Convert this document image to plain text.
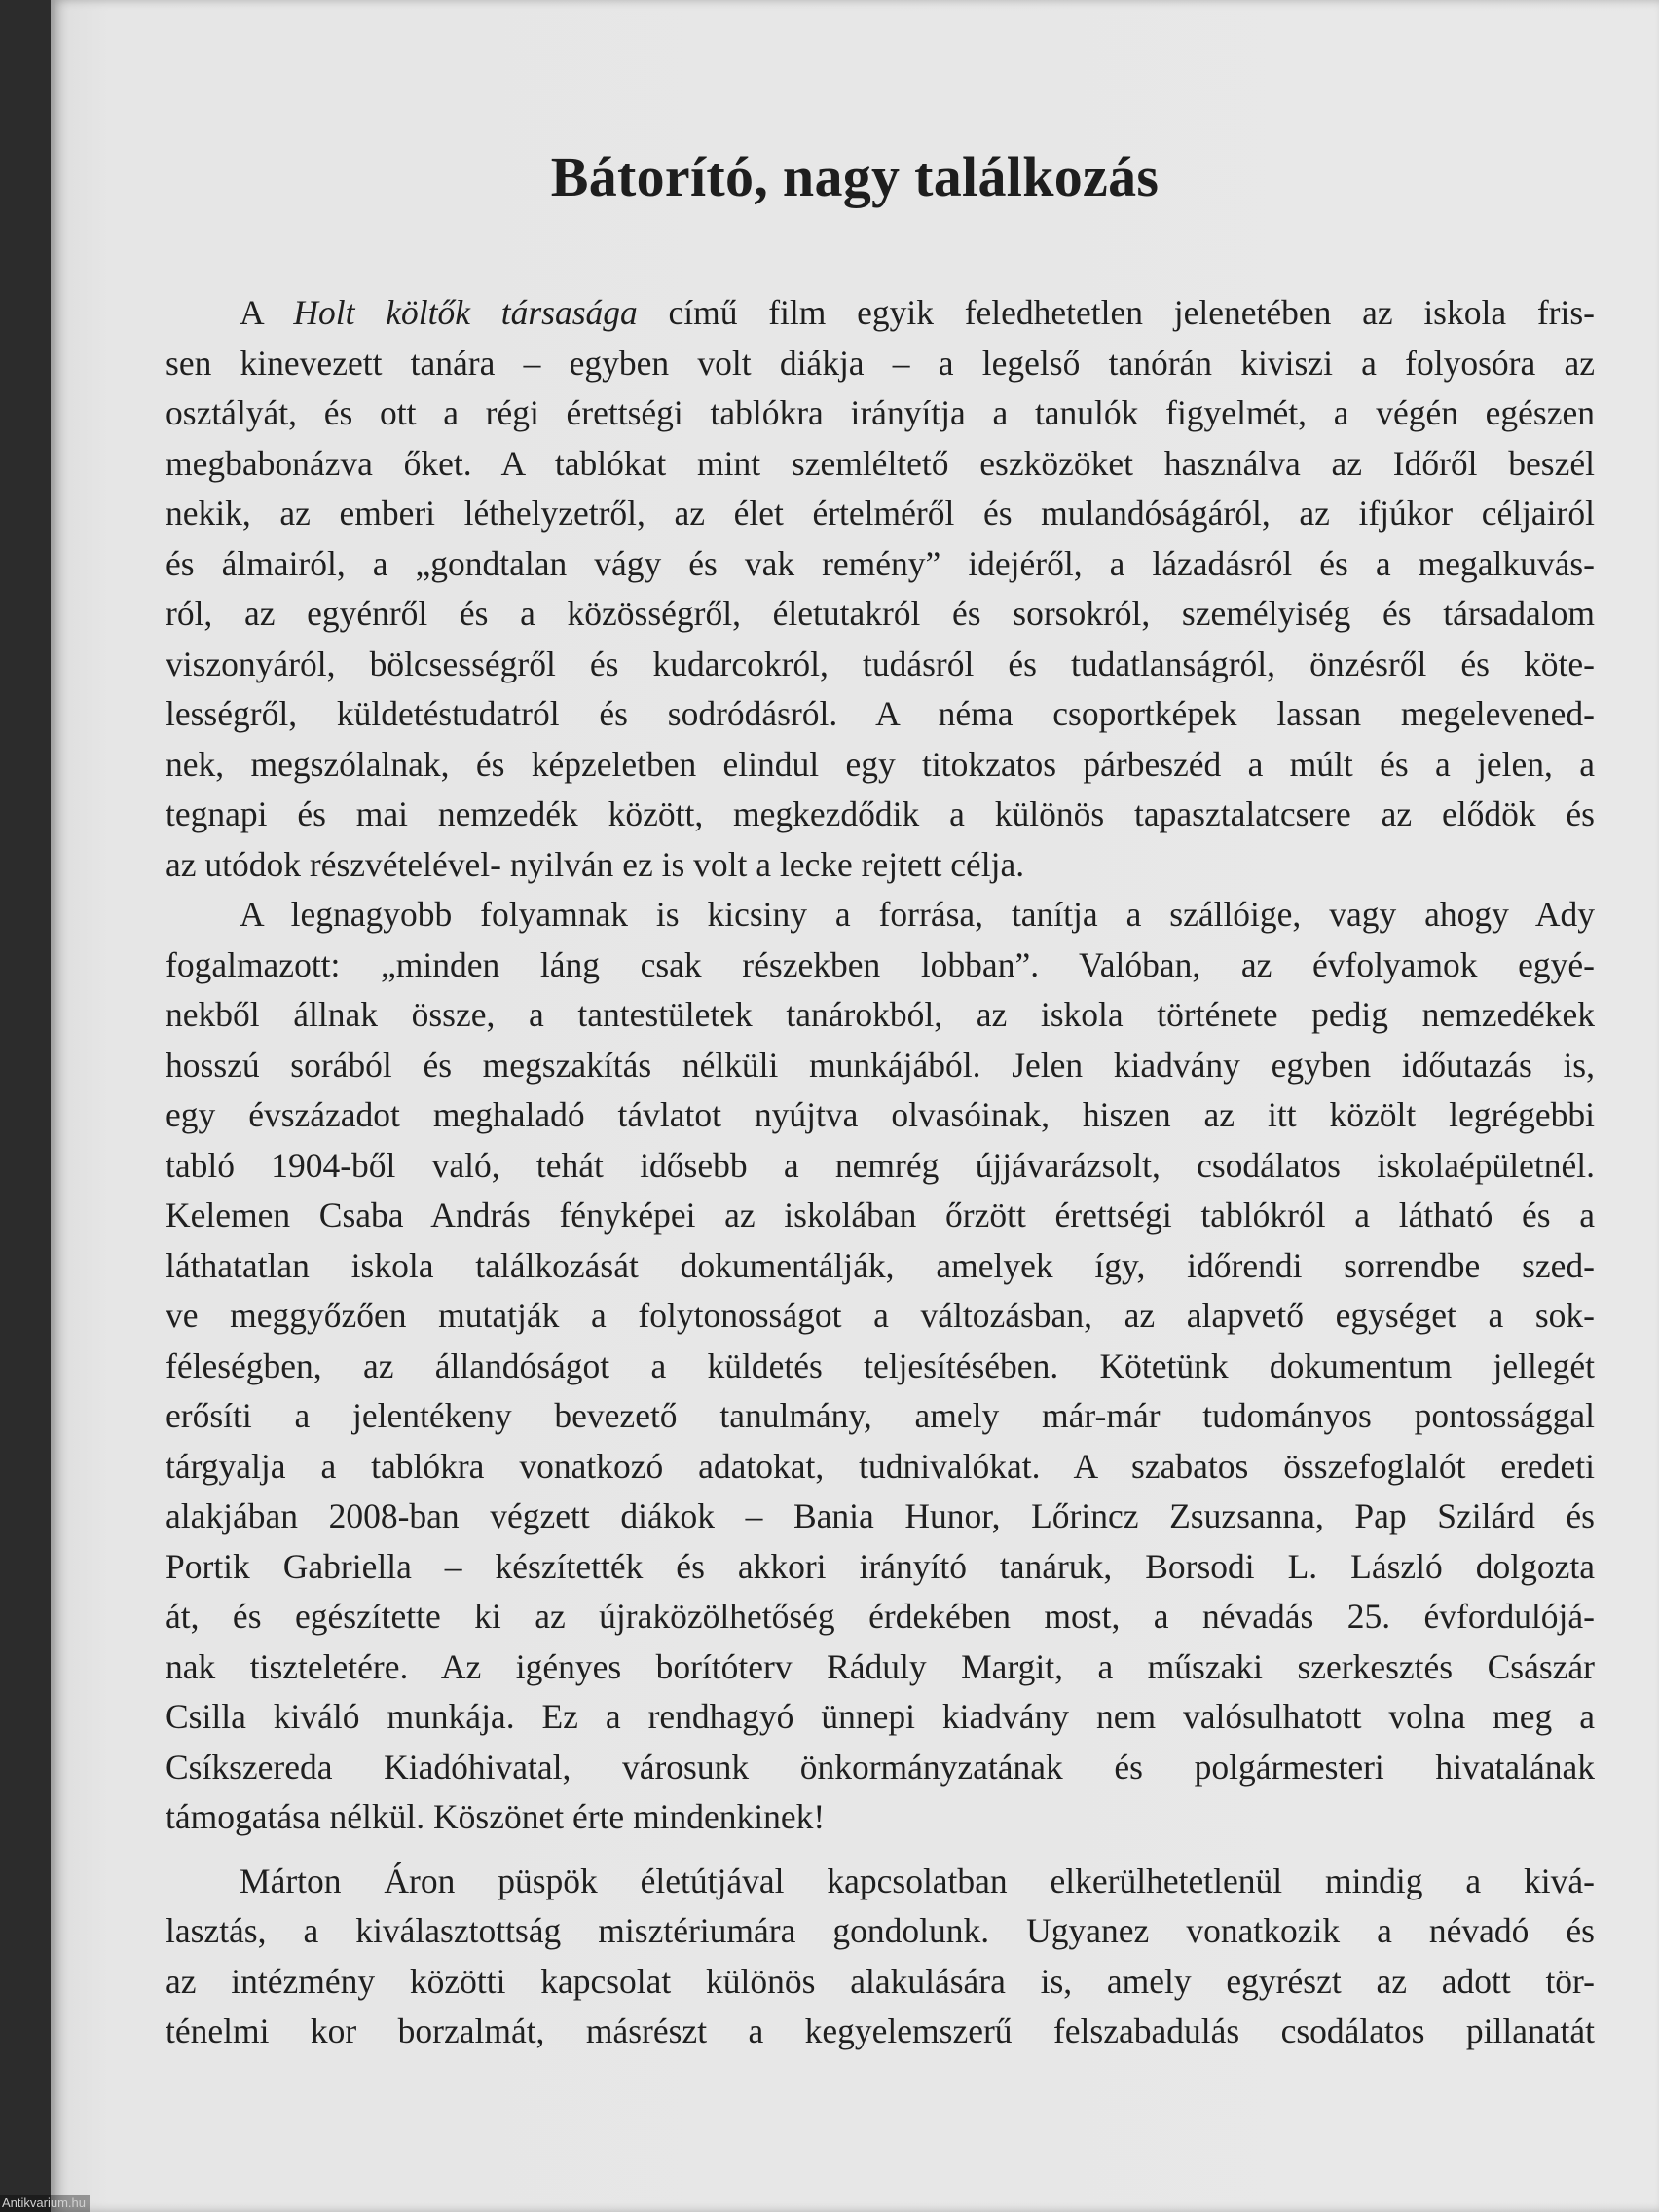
Bátorító, nagy találkozás
A Holt költők társasága című film egyik feledhetetlen jelenetében az iskola fris-
sen kinevezett tanára – egyben volt diákja – a legelső tanórán kiviszi a folyosóra az
osztályát, és ott a régi érettségi tablókra irányítja a tanulók figyelmét, a végén egészen
megbabonázva őket. A tablókat mint szemléltető eszközöket használva az Időről beszél
nekik, az emberi léthelyzetről, az élet értelméről és mulandóságáról, az ifjúkor céljairól
és álmairól, a „gondtalan vágy és vak remény” idejéről, a lázadásról és a megalkuvás-
ról, az egyénről és a közösségről, életutakról és sorsokról, személyiség és társadalom
viszonyáról, bölcsességről és kudarcokról, tudásról és tudatlanságról, önzésről és köte-
lességről, küldetéstudatról és sodródásról. A néma csoportképek lassan megelevened-
nek, megszólalnak, és képzeletben elindul egy titokzatos párbeszéd a múlt és a jelen, a
tegnapi és mai nemzedék között, megkezdődik a különös tapasztalatcsere az elődök és
az utódok részvételével- nyilván ez is volt a lecke rejtett célja.
A legnagyobb folyamnak is kicsiny a forrása, tanítja a szállóige, vagy ahogy Ady
fogalmazott: „minden láng csak részekben lobban”. Valóban, az évfolyamok egyé-
nekből állnak össze, a tantestületek tanárokból, az iskola története pedig nemzedékek
hosszú sorából és megszakítás nélküli munkájából. Jelen kiadvány egyben időutazás is,
egy évszázadot meghaladó távlatot nyújtva olvasóinak, hiszen az itt közölt legrégebbi
tabló 1904-ből való, tehát idősebb a nemrég újjávarázsolt, csodálatos iskolaépületnél.
Kelemen Csaba András fényképei az iskolában őrzött érettségi tablókról a látható és a
láthatatlan iskola találkozását dokumentálják, amelyek így, időrendi sorrendbe szed-
ve meggyőzően mutatják a folytonosságot a változásban, az alapvető egységet a sok-
féleségben, az állandóságot a küldetés teljesítésében. Kötetünk dokumentum jellegét
erősíti a jelentékeny bevezető tanulmány, amely már-már tudományos pontossággal
tárgyalja a tablókra vonatkozó adatokat, tudnivalókat. A szabatos összefoglalót eredeti
alakjában 2008-ban végzett diákok – Bania Hunor, Lőrincz Zsuzsanna, Pap Szilárd és
Portik Gabriella – készítették és akkori irányító tanáruk, Borsodi L. László dolgozta
át, és egészítette ki az újraközölhetőség érdekében most, a névadás 25. évfordulójá-
nak tiszteletére. Az igényes borítóterv Ráduly Margit, a műszaki szerkesztés Császár
Csilla kiváló munkája. Ez a rendhagyó ünnepi kiadvány nem valósulhatott volna meg a
Csíkszereda Kiadóhivatal, városunk önkormányzatának és polgármesteri hivatalának
támogatása nélkül. Köszönet érte mindenkinek!
Márton Áron püspök életútjával kapcsolatban elkerülhetetlenül mindig a kivá-
lasztás, a kiválasztottság misztériumára gondolunk. Ugyanez vonatkozik a névadó és
az intézmény közötti kapcsolat különös alakulására is, amely egyrészt az adott tör-
ténelmi kor borzalmát, másrészt a kegyelemszerű felszabadulás csodálatos pillanatát
Antikvarium.hu
